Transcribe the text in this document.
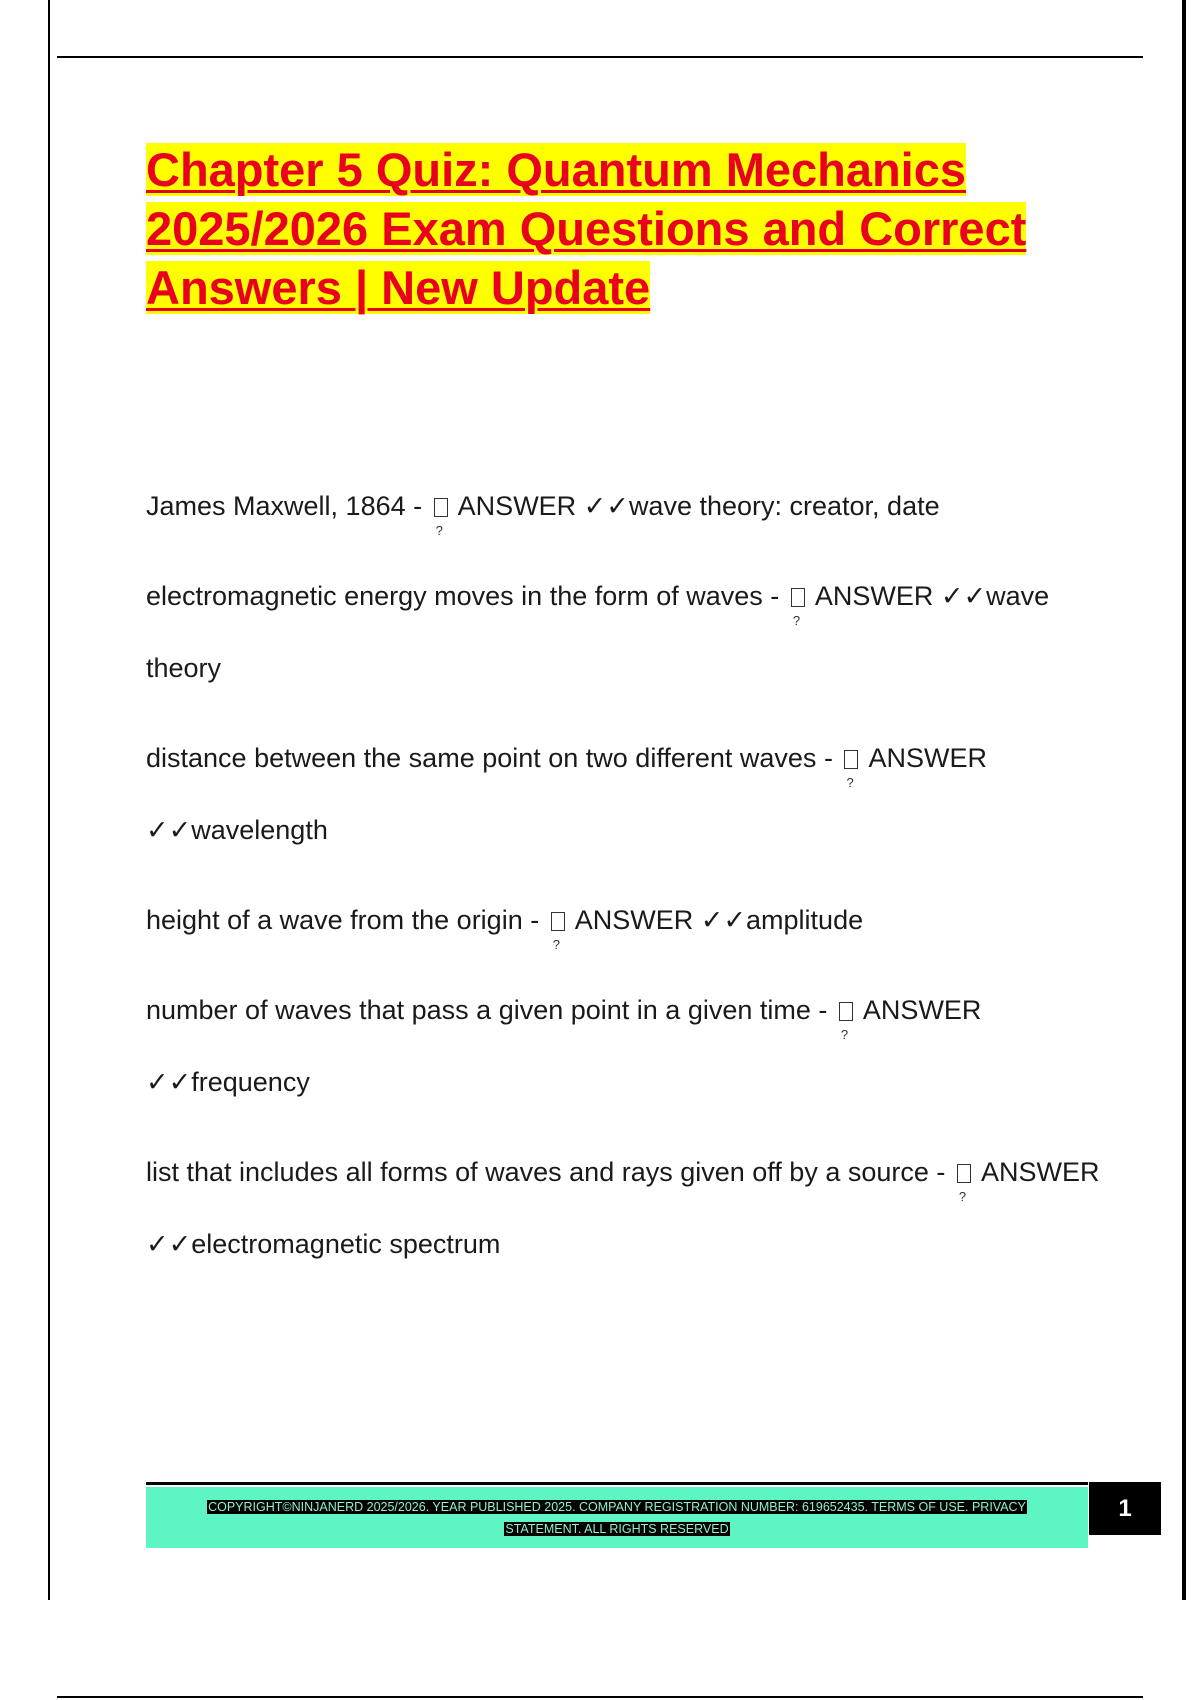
Chapter 5 Quiz: Quantum Mechanics
2025/2026 Exam Questions and Correct
Answers | New Update

James Maxwell, 1864 - ? ANSWER ✓✓wave theory: creator, date

electromagnetic energy moves in the form of waves - ? ANSWER ✓✓wave theory

distance between the same point on two different waves - ? ANSWER ✓✓wavelength

height of a wave from the origin - ? ANSWER ✓✓amplitude

number of waves that pass a given point in a given time - ? ANSWER ✓✓frequency

list that includes all forms of waves and rays given off by a source - ? ANSWER ✓✓electromagnetic spectrum

COPYRIGHT©NINJANERD 2025/2026. YEAR PUBLISHED 2025. COMPANY REGISTRATION NUMBER: 619652435. TERMS OF USE. PRIVACY
STATEMENT. ALL RIGHTS RESERVED
1
